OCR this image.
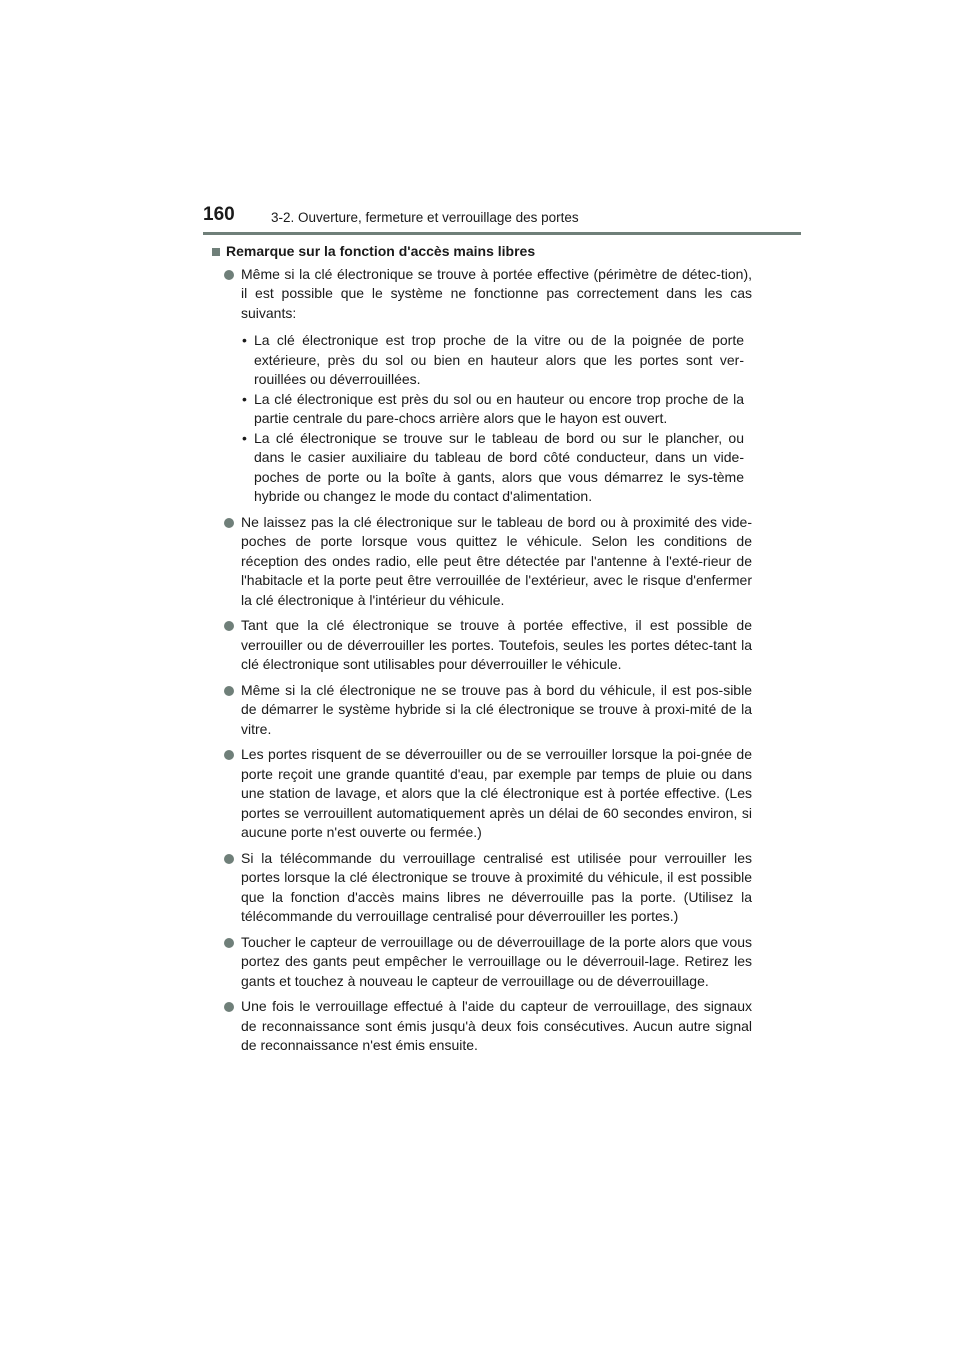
160	3-2. Ouverture, fermeture et verrouillage des portes
Remarque sur la fonction d'accès mains libres
Même si la clé électronique se trouve à portée effective (périmètre de détec-tion), il est possible que le système ne fonctionne pas correctement dans les cas suivants:
• La clé électronique est trop proche de la vitre ou de la poignée de porte extérieure, près du sol ou bien en hauteur alors que les portes sont ver-rouillées ou déverrouillées.
• La clé électronique est près du sol ou en hauteur ou encore trop proche de la partie centrale du pare-chocs arrière alors que le hayon est ouvert.
• La clé électronique se trouve sur le tableau de bord ou sur le plancher, ou dans le casier auxiliaire du tableau de bord côté conducteur, dans un vide-poches de porte ou la boîte à gants, alors que vous démarrez le sys-tème hybride ou changez le mode du contact d'alimentation.
Ne laissez pas la clé électronique sur le tableau de bord ou à proximité des vide-poches de porte lorsque vous quittez le véhicule. Selon les conditions de réception des ondes radio, elle peut être détectée par l'antenne à l'exté-rieur de l'habitacle et la porte peut être verrouillée de l'extérieur, avec le risque d'enfermer la clé électronique à l'intérieur du véhicule.
Tant que la clé électronique se trouve à portée effective, il est possible de verrouiller ou de déverrouiller les portes. Toutefois, seules les portes détec-tant la clé électronique sont utilisables pour déverrouiller le véhicule.
Même si la clé électronique ne se trouve pas à bord du véhicule, il est pos-sible de démarrer le système hybride si la clé électronique se trouve à proxi-mité de la vitre.
Les portes risquent de se déverrouiller ou de se verrouiller lorsque la poi-gnée de porte reçoit une grande quantité d'eau, par exemple par temps de pluie ou dans une station de lavage, et alors que la clé électronique est à portée effective. (Les portes se verrouillent automatiquement après un délai de 60 secondes environ, si aucune porte n'est ouverte ou fermée.)
Si la télécommande du verrouillage centralisé est utilisée pour verrouiller les portes lorsque la clé électronique se trouve à proximité du véhicule, il est possible que la fonction d'accès mains libres ne déverrouille pas la porte. (Utilisez la télécommande du verrouillage centralisé pour déverrouiller les portes.)
Toucher le capteur de verrouillage ou de déverrouillage de la porte alors que vous portez des gants peut empêcher le verrouillage ou le déverrouil-lage. Retirez les gants et touchez à nouveau le capteur de verrouillage ou de déverrouillage.
Une fois le verrouillage effectué à l'aide du capteur de verrouillage, des signaux de reconnaissance sont émis jusqu'à deux fois consécutives. Aucun autre signal de reconnaissance n'est émis ensuite.
